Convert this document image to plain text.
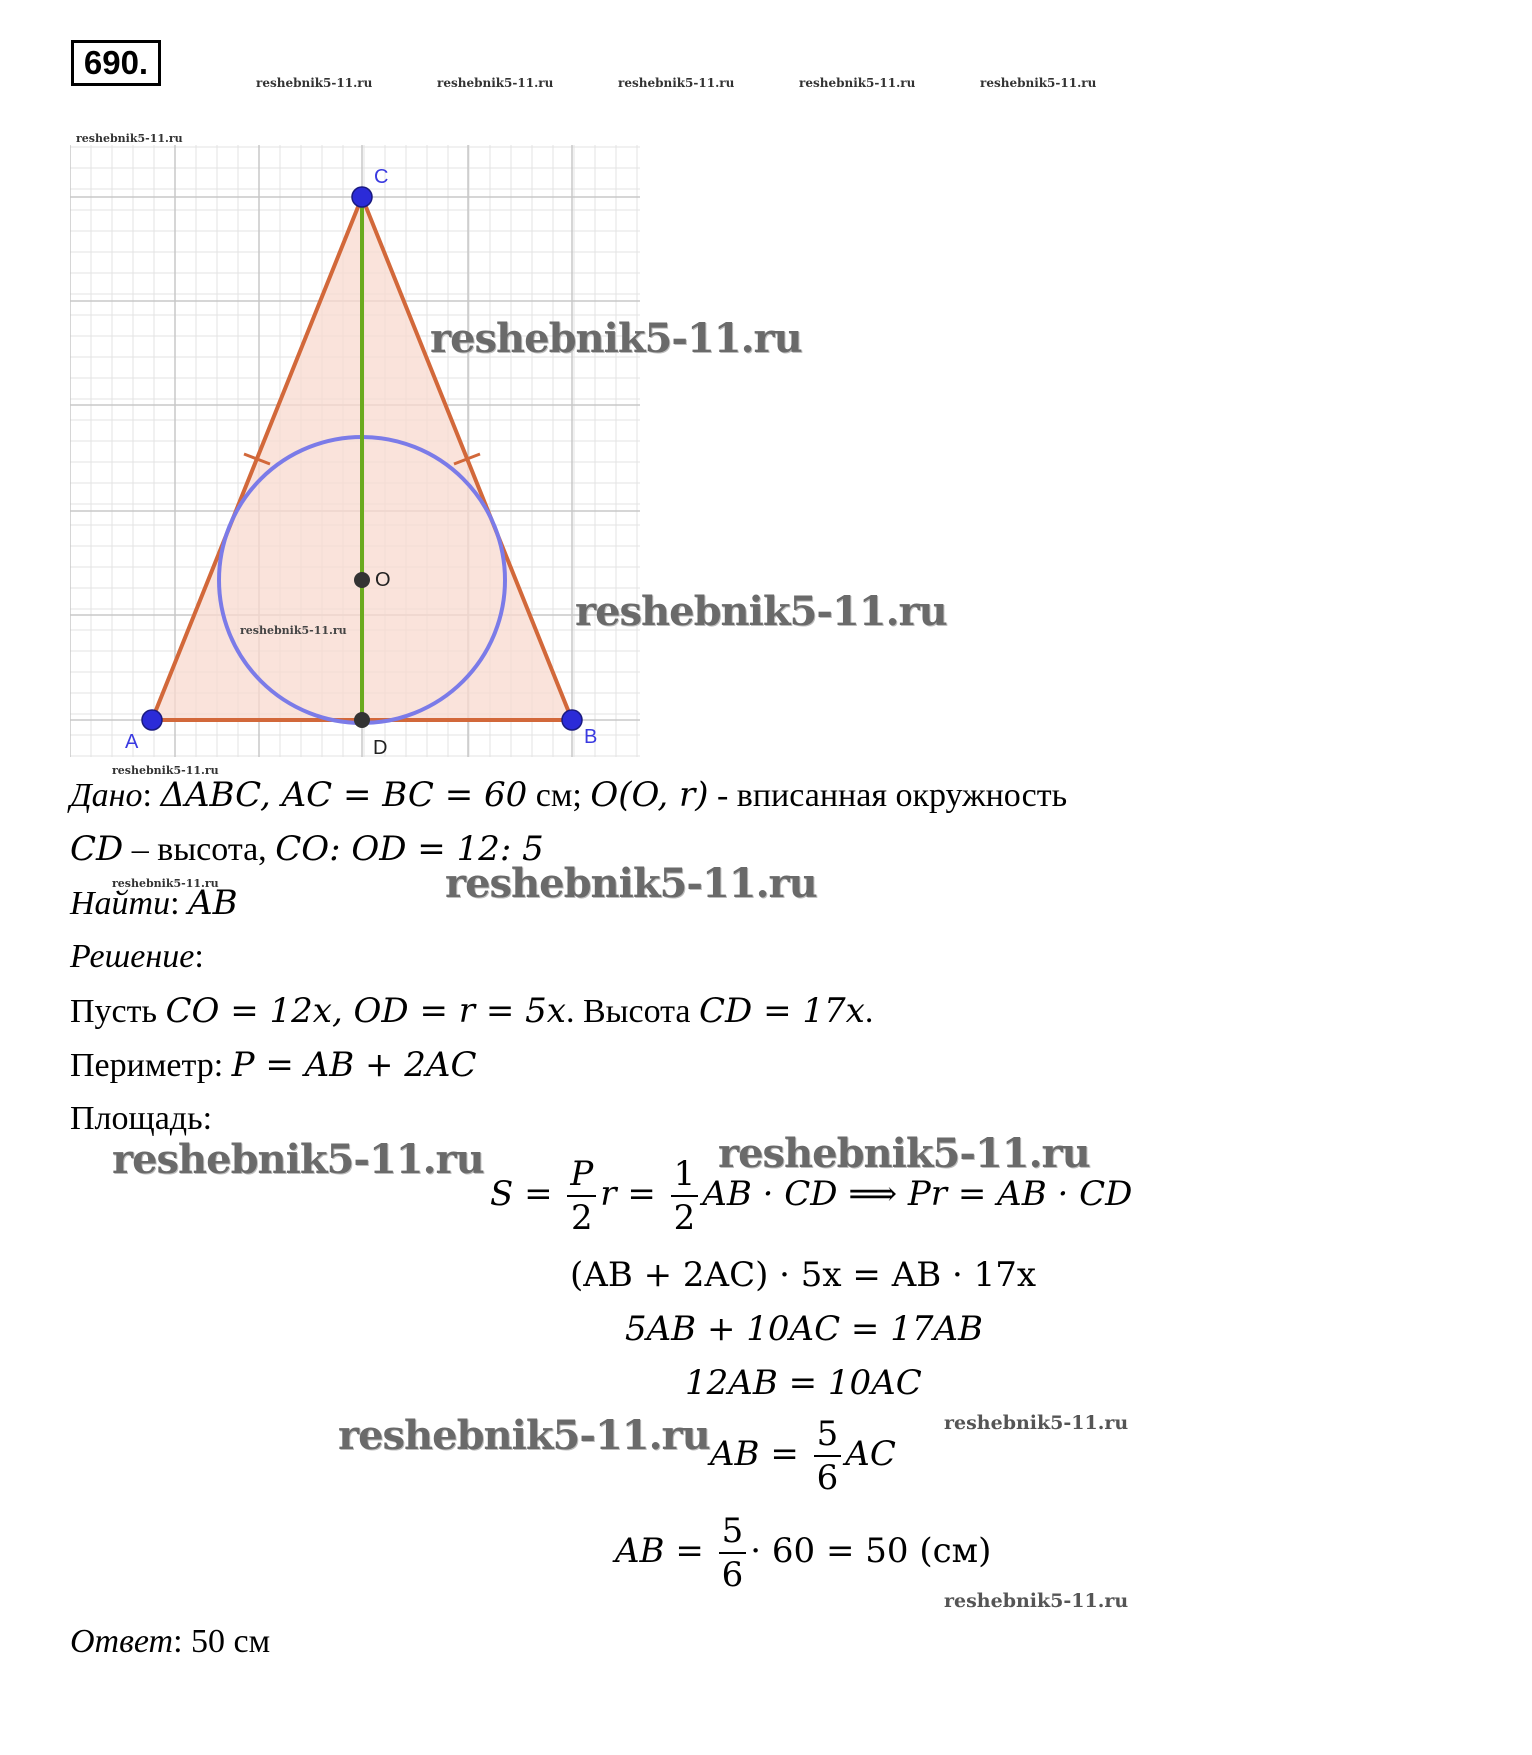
690.
reshebnik5-11.ru	reshebnik5-11.ru	reshebnik5-11.ru	reshebnik5-11.ru	reshebnik5-11.ru
reshebnik5-11.ru
A	B
C
D
O
reshebnik5-11.ru
reshebnik5-11.ru
reshebnik5-11.ru
reshebnik5-11.ru
reshebnik5-11.ru	reshebnik5-11.ru
reshebnik5-11.ru
reshebnik5-11.ru
reshebnik5-11.ru
reshebnik5-11.ru
reshebnik5-11.ru
Дано: ΔABC, AC = BC = 60 см; O(O, r) - вписанная окружность
CD – высота, CO: OD = 12: 5
Найти: AB
Решение:
Пусть CO = 12x, OD = r = 5x. Высота CD = 17x.
Периметр: P = AB + 2AC
Площадь:
$S = \frac{P}{2}$ $r = \frac{1}{2}$ AB · CD ⟹ Pr = AB · CD
(AB + 2AC) · 5x = AB · 17x
5AB + 10AC = 17AB
12AB = 10AC
AB = $\frac{5}{6}$ AC
AB = $\frac{5}{6} \cdot 60 = 50$ (см)
Ответ: 50 см
